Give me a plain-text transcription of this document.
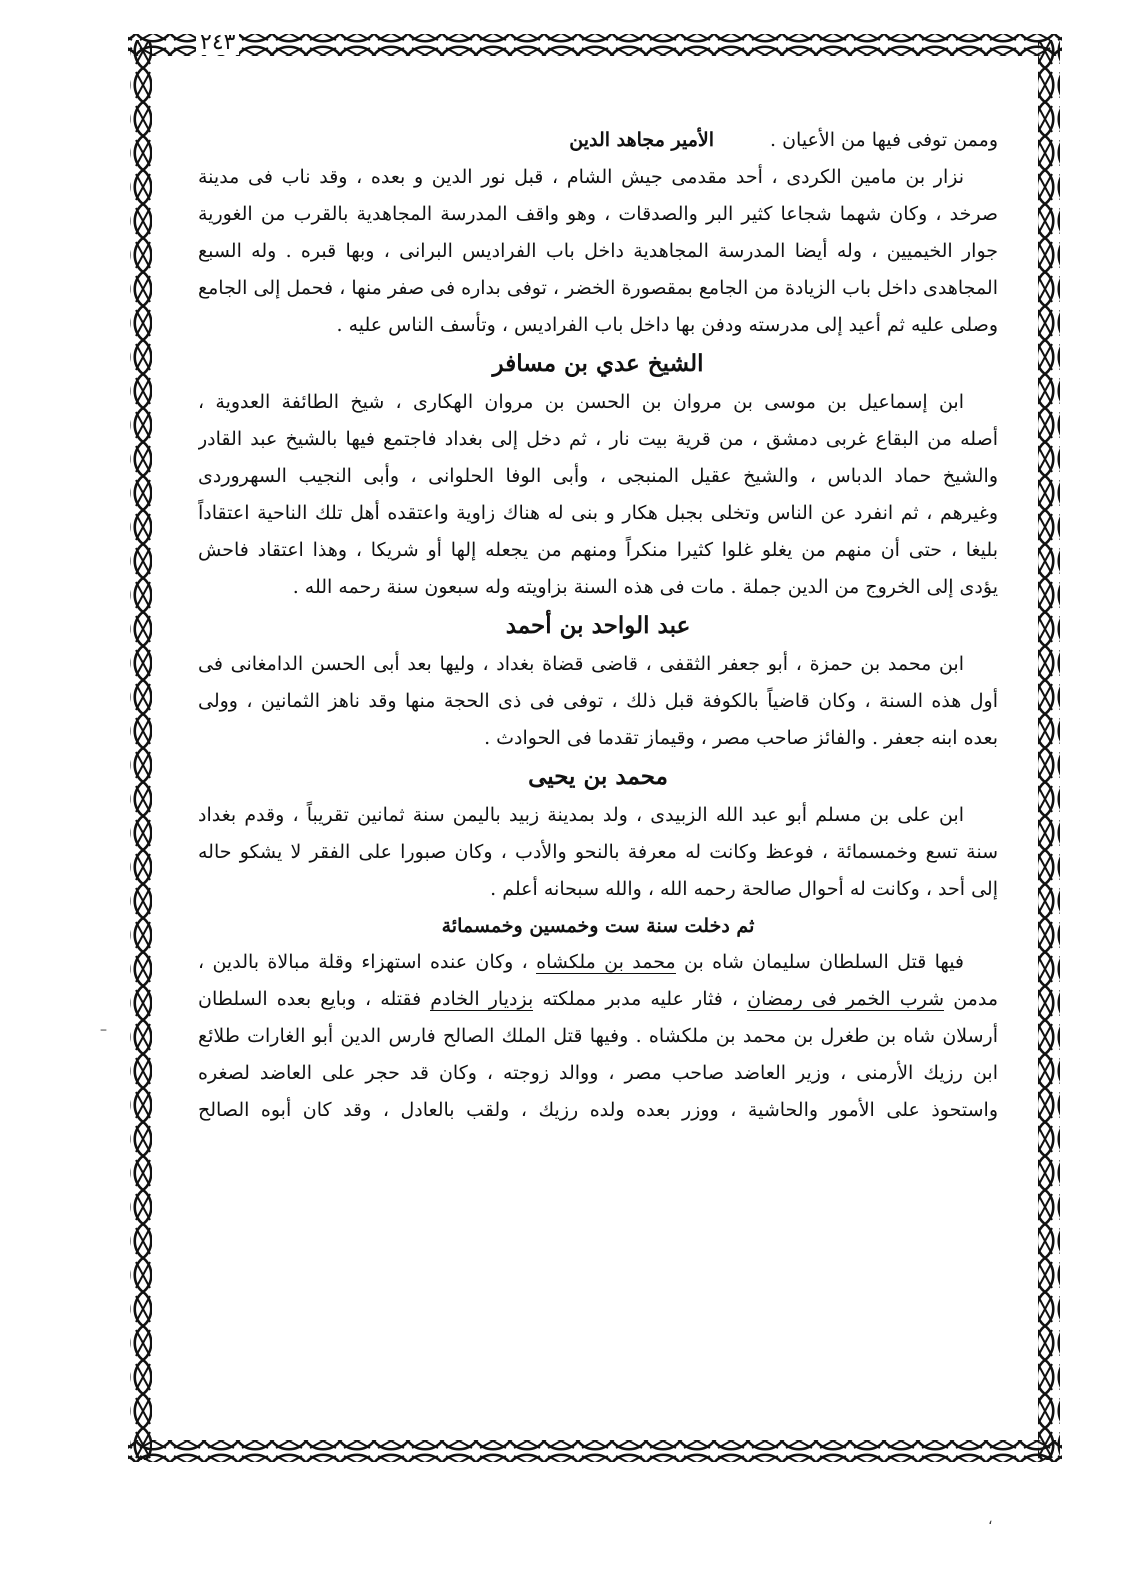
٢٤٣
وممن توفى فيها من الأعيان .
الأمير مجاهد الدين
نزار بن مامين الكردى ، أحد مقدمى جيش الشام ، قبل نور الدين و بعده ، وقد ناب فى مدينة
صرخد ، وكان شهما شجاعا كثير البر والصدقات ، وهو واقف المدرسة المجاهدية بالقرب من الغورية
جوار الخيميين ، وله أيضا المدرسة المجاهدية داخل باب الفراديس البرانى ، وبها قبره . وله السبع
المجاهدى داخل باب الزيادة من الجامع بمقصورة الخضر ، توفى بداره فى صفر منها ، فحمل إلى الجامع
وصلى عليه ثم أعيد إلى مدرسته ودفن بها داخل باب الفراديس ، وتأسف الناس عليه .
الشيخ عدي بن مسافر
ابن إسماعيل بن موسى بن مروان بن الحسن بن مروان الهكارى ، شيخ الطائفة العدوية ،
أصله من البقاع غربى دمشق ، من قرية بيت نار ، ثم دخل إلى بغداد فاجتمع فيها بالشيخ عبد القادر
والشيخ حماد الدباس ، والشيخ عقيل المنبجى ، وأبى الوفا الحلوانى ، وأبى النجيب السهروردى
وغيرهم ، ثم انفرد عن الناس وتخلى بجبل هكار و بنى له هناك زاوية واعتقده أهل تلك الناحية اعتقاداً
بليغا ، حتى أن منهم من يغلو غلوا كثيرا منكراً ومنهم من يجعله إلها أو شريكا ، وهذا اعتقاد فاحش
يؤدى إلى الخروج من الدين جملة . مات فى هذه السنة بزاويته وله سبعون سنة رحمه الله .
عبد الواحد بن أحمد
ابن محمد بن حمزة ، أبو جعفر الثقفى ، قاضى قضاة بغداد ، وليها بعد أبى الحسن الدامغانى فى
أول هذه السنة ، وكان قاضياً بالكوفة قبل ذلك ، توفى فى ذى الحجة منها وقد ناهز الثمانين ، وولى
بعده ابنه جعفر . والفائز صاحب مصر ، وقيماز تقدما فى الحوادث .
محمد بن يحيى
ابن على بن مسلم أبو عبد الله الزبيدى ، ولد بمدينة زبيد باليمن سنة ثمانين تقريباً ، وقدم بغداد
سنة تسع وخمسمائة ، فوعظ وكانت له معرفة بالنحو والأدب ، وكان صبورا على الفقر لا يشكو حاله
إلى أحد ، وكانت له أحوال صالحة رحمه الله ، والله سبحانه أعلم .
ثم دخلت سنة ست وخمسين وخمسمائة
فيها قتل السلطان سليمان شاه بن محمد بن ملكشاه ، وكان عنده استهزاء وقلة مبالاة بالدين ،
مدمن شرب الخمر فى رمضان ، فثار عليه مدبر مملكته بزديار الخادم فقتله ، وبايع بعده السلطان
أرسلان شاه بن طغرل بن محمد بن ملكشاه . وفيها قتل الملك الصالح فارس الدين أبو الغارات طلائع
ابن رزيك الأرمنى ، وزير العاضد صاحب مصر ، ووالد زوجته ، وكان قد حجر على العاضد لصغره
واستحوذ على الأمور والحاشية ، ووزر بعده ولده رزيك ، ولقب بالعادل ، وقد كان أبوه الصالح
–
،
